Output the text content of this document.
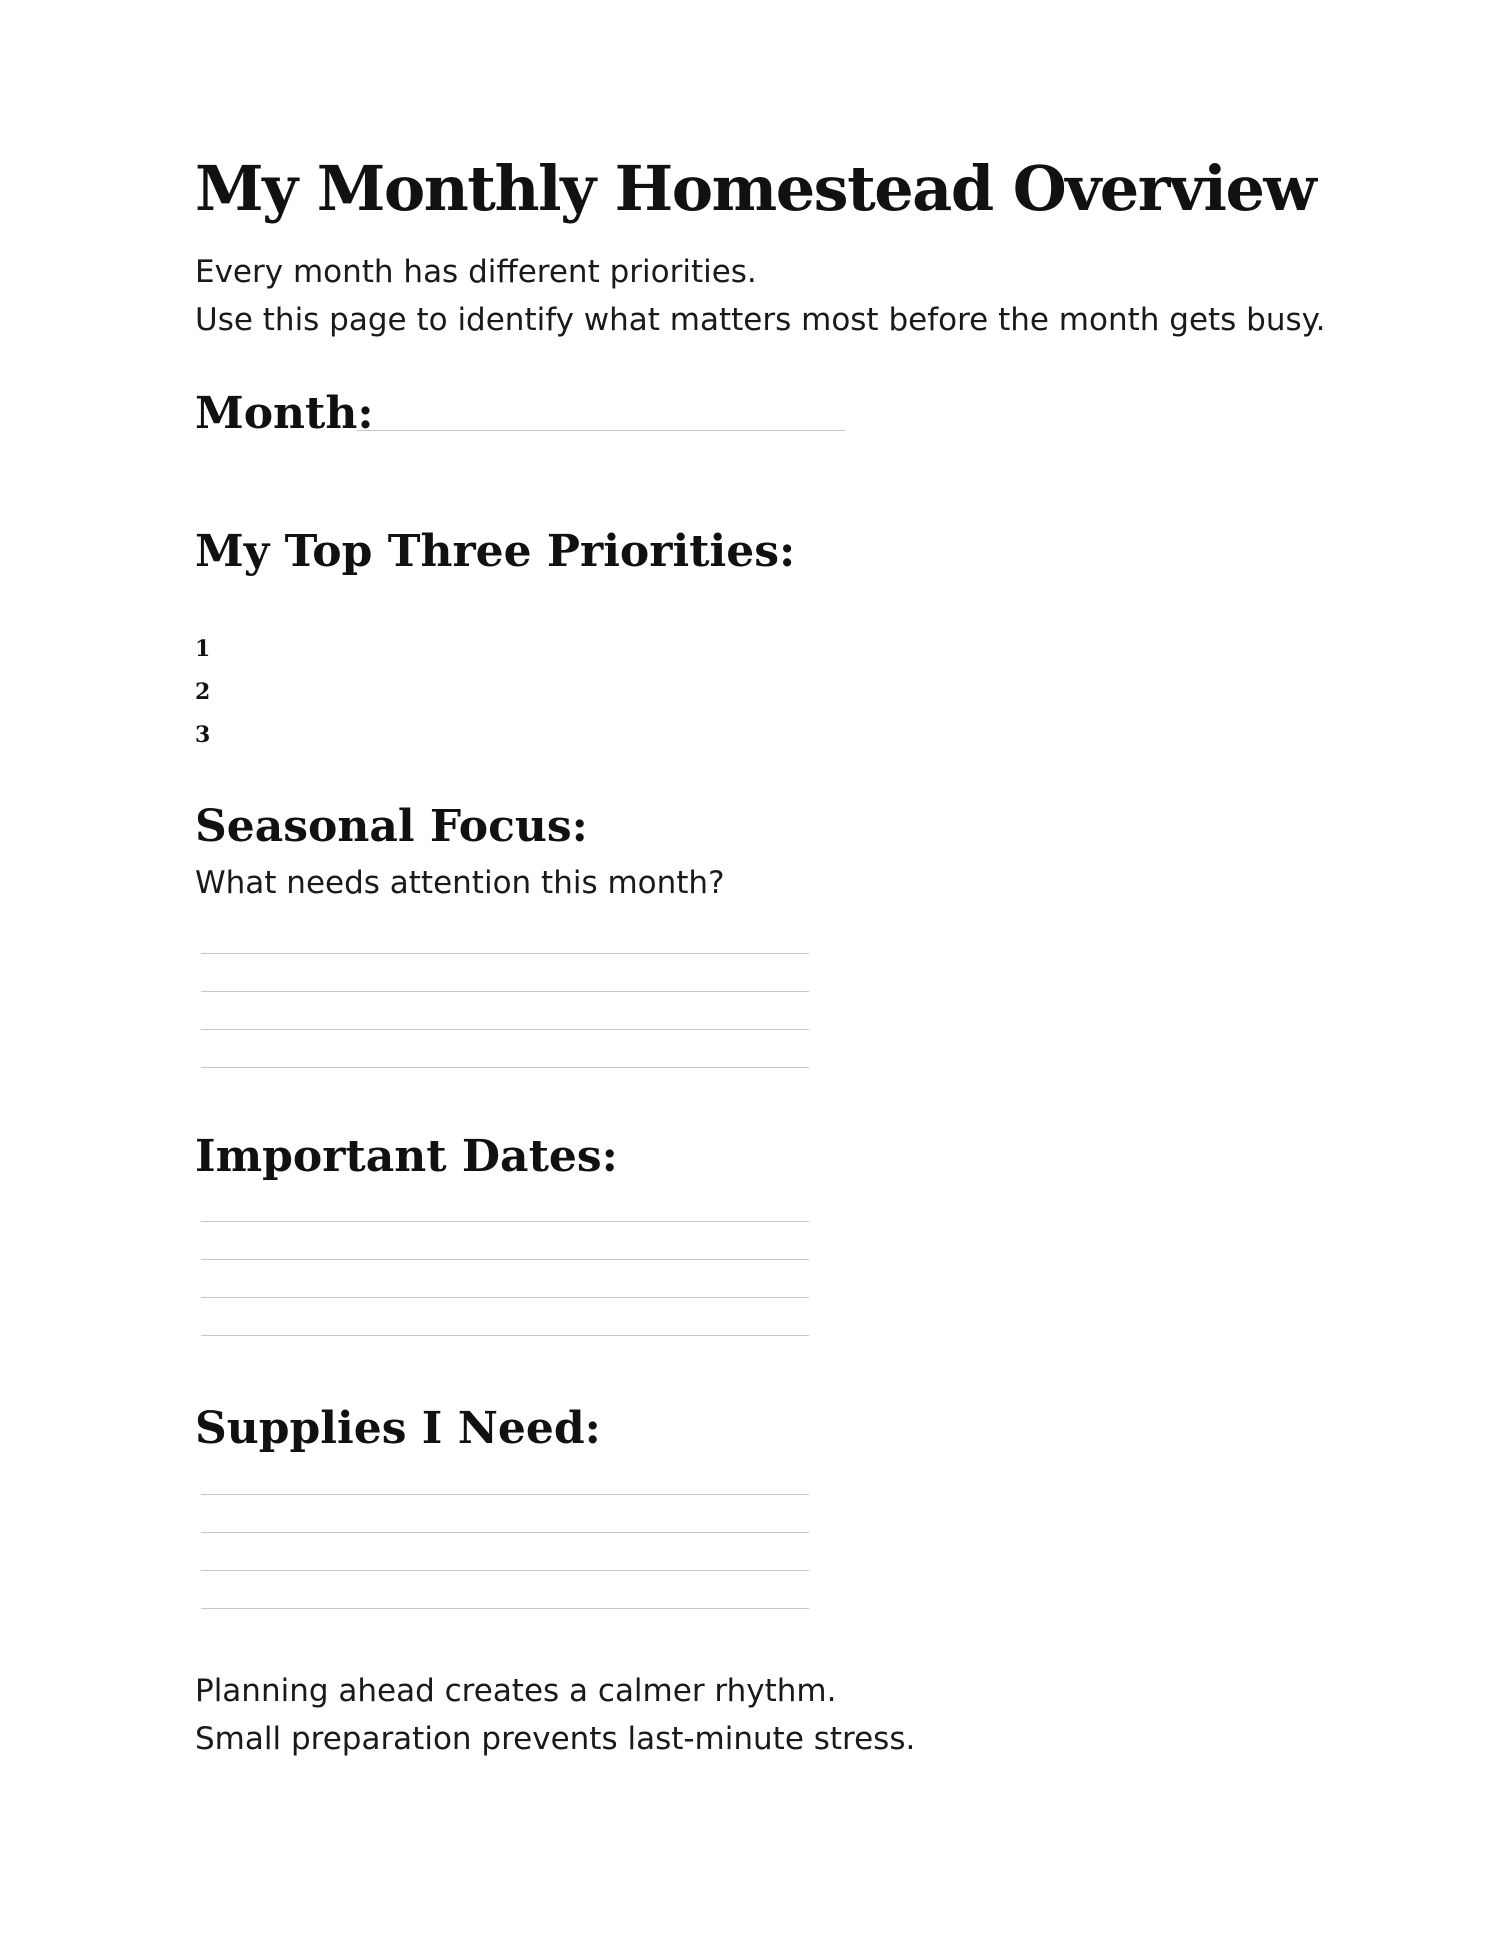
My Monthly Homestead Overview
Every month has different priorities.
Use this page to identify what matters most before the month gets busy.
Month:
My Top Three Priorities:
1
2
3
Seasonal Focus:
What needs attention this month?
Important Dates:
Supplies I Need:
Planning ahead creates a calmer rhythm.
Small preparation prevents last-minute stress.
